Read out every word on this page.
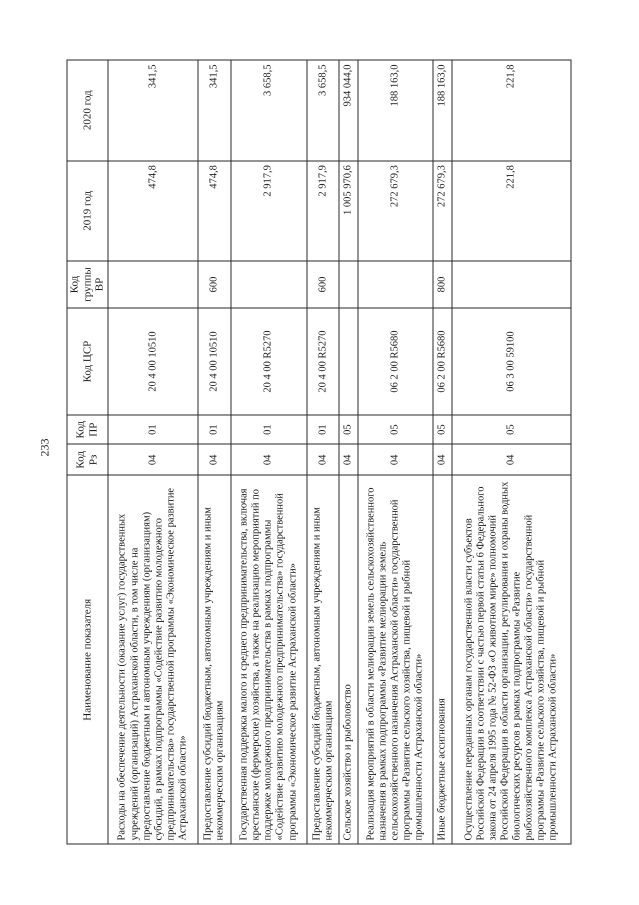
233
Наименование показателя	Код Рз	Код ПР	Код ЦСР	Код группы ВР	2019 год	2020 год
Расходы на обеспечение деятельности (оказание услуг) государственных учреждений (организаций) Астраханской области, в том числе на предоставление бюджетным и автономным учреждениям (организациям) субсидий, в рамках подпрограммы «Содействие развитию молодежного предпринимательства» государственной программы «Экономическое развитие Астраханской области»	04	01	20 4 00 10510		474,8	341,5
Предоставление субсидий бюджетным, автономным учреждениям и иным некоммерческим организациям	04	01	20 4 00 10510	600	474,8	341,5
Государственная поддержка малого и среднего предпринимательства, включая крестьянские (фермерские) хозяйства, а также на реализацию мероприятий по поддержке молодежного предпринимательства в рамках подпрограммы «Содействие развитию молодежного предпринимательства» государственной программы «Экономическое развитие Астраханской области»	04	01	20 4 00 R5270		2 917,9	3 658,5
Предоставление субсидий бюджетным, автономным учреждениям и иным некоммерческим организациям	04	01	20 4 00 R5270	600	2 917,9	3 658,5
Сельское хозяйство и рыболовство	04	05			1 005 970,6	934 044,0
Реализация мероприятий в области мелиорации земель сельскохозяйственного назначения в рамках подпрограммы «Развитие мелиорации земель сельскохозяйственного назначения Астраханской области» государственной программы «Развитие сельского хозяйства, пищевой и рыбной промышленности Астраханской области»	04	05	06 2 00 R5680		272 679,3	188 163,0
Иные бюджетные ассигнования	04	05	06 2 00 R5680	800	272 679,3	188 163,0
Осуществление переданных органам государственной власти субъектов Российской Федерации в соответствии с частью первой статьи 6 Федерального закона от 24 апреля 1995 года № 52-ФЗ «О животном мире» полномочий Российской Федерации в области организации, регулирования и охраны водных биологических ресурсов в рамках подпрограммы «Развитие рыбохозяйственного комплекса Астраханской области» государственной программы «Развитие сельского хозяйства, пищевой и рыбной промышленности Астраханской области»	04	05	06 3 00 59100		221,8	221,8
